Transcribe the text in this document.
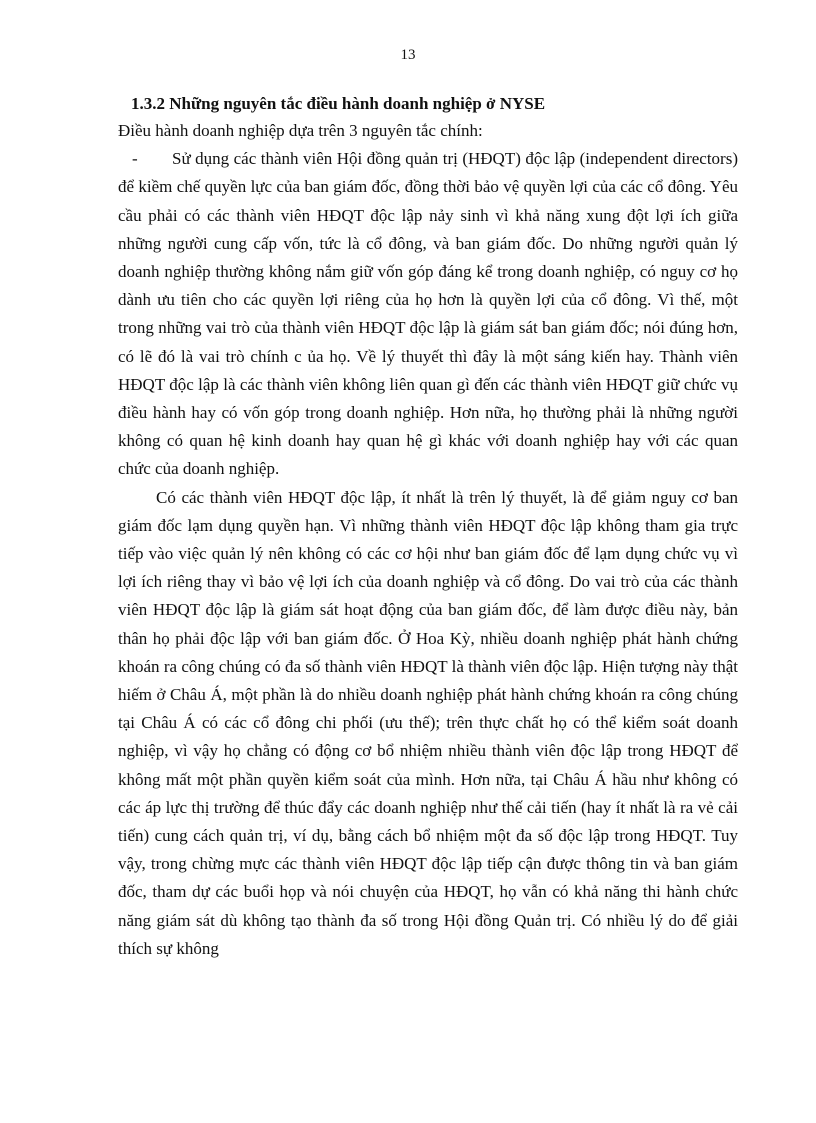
13

1.3.2 Những nguyên tắc điều hành doanh nghiệp ở NYSE

Điều hành doanh nghiệp dựa trên 3 nguyên tắc chính:

- Sử dụng các thành viên Hội đồng quản trị (HĐQT) độc lập (independent directors) để kiềm chế quyền lực của ban giám đốc, đồng thời bảo vệ quyền lợi của các cổ đông. Yêu cầu phải có các thành viên HĐQT độc lập nảy sinh vì khả năng xung đột lợi ích giữa những người cung cấp vốn, tức là cổ đông, và ban giám đốc. Do những người quản lý doanh nghiệp thường không nắm giữ vốn góp đáng kể trong doanh nghiệp, có nguy cơ họ dành ưu tiên cho các quyền lợi riêng của họ hơn là quyền lợi của cổ đông. Vì thế, một trong những vai trò của thành viên HĐQT độc lập là giám sát ban giám đốc; nói đúng hơn, có lẽ đó là vai trò chính c ủa họ. Về lý thuyết thì đây là một sáng kiến hay. Thành viên HĐQT độc lập là các thành viên không liên quan gì đến các thành viên HĐQT giữ chức vụ điều hành hay có vốn góp trong doanh nghiệp. Hơn nữa, họ thường phải là những người không có quan hệ kinh doanh hay quan hệ gì khác với doanh nghiệp hay với các quan chức của doanh nghiệp.

Có các thành viên HĐQT độc lập, ít nhất là trên lý thuyết, là để giảm nguy cơ ban giám đốc lạm dụng quyền hạn. Vì những thành viên HĐQT độc lập không tham gia trực tiếp vào việc quản lý nên không có các cơ hội như ban giám đốc để lạm dụng chức vụ vì lợi ích riêng thay vì bảo vệ lợi ích của doanh nghiệp và cổ đông. Do vai trò của các thành viên HĐQT độc lập là giám sát hoạt động của ban giám đốc, để làm được điều này, bản thân họ phải độc lập với ban giám đốc. Ở Hoa Kỳ, nhiều doanh nghiệp phát hành chứng khoán ra công chúng có đa số thành viên HĐQT là thành viên độc lập. Hiện tượng này thật hiếm ở Châu Á, một phần là do nhiều doanh nghiệp phát hành chứng khoán ra công chúng tại Châu Á có các cổ đông chi phối (ưu thế); trên thực chất họ có thể kiểm soát doanh nghiệp, vì vậy họ chẳng có động cơ bổ nhiệm nhiều thành viên độc lập trong HĐQT để không mất một phần quyền kiểm soát của mình. Hơn nữa, tại Châu Á hầu như không có các áp lực thị trường để thúc đẩy các doanh nghiệp như thế cải tiến (hay ít nhất là ra vẻ cải tiến) cung cách quản trị, ví dụ, bằng cách bổ nhiệm một đa số độc lập trong HĐQT. Tuy vậy, trong chừng mực các thành viên HĐQT độc lập tiếp cận được thông tin và ban giám đốc, tham dự các buổi họp và nói chuyện của HĐQT, họ vẫn có khả năng thi hành chức năng giám sát dù không tạo thành đa số trong Hội đồng Quản trị. Có nhiều lý do để giải thích sự không
